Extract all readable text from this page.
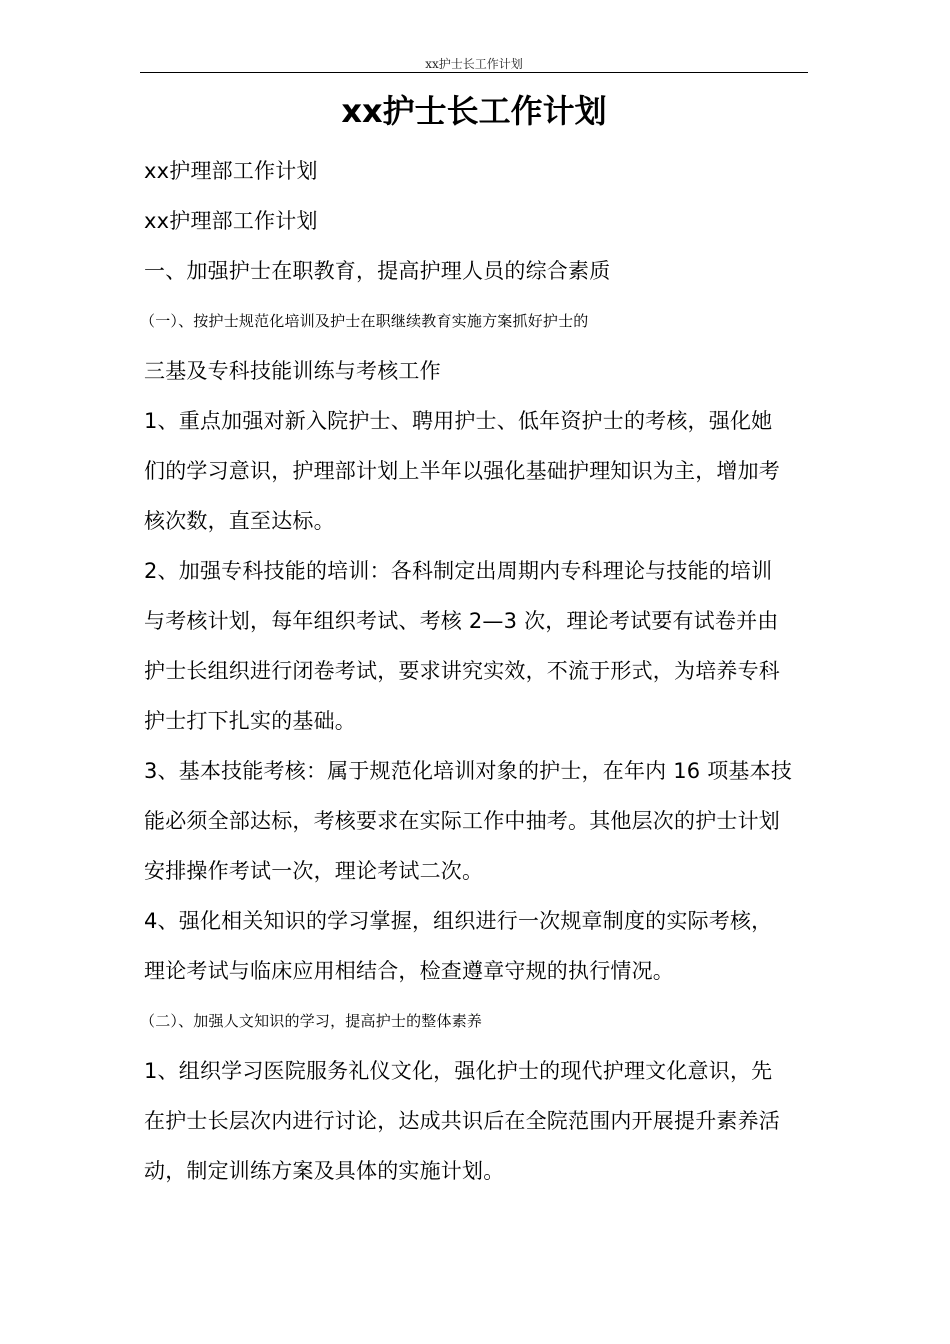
xx护士长工作计划
xx护士长工作计划
xx护理部工作计划
xx护理部工作计划
一、加强护士在职教育，提高护理人员的综合素质
（一）、按护士规范化培训及护士在职继续教育实施方案抓好护士的
三基及专科技能训练与考核工作
1、重点加强对新入院护士、聘用护士、低年资护士的考核，强化她
们的学习意识，护理部计划上半年以强化基础护理知识为主，增加考
核次数，直至达标。
2、加强专科技能的培训：各科制定出周期内专科理论与技能的培训
与考核计划，每年组织考试、考核 2—3 次，理论考试要有试卷并由
护士长组织进行闭卷考试，要求讲究实效，不流于形式，为培养专科
护士打下扎实的基础。
3、基本技能考核：属于规范化培训对象的护士，在年内 16 项基本技
能必须全部达标，考核要求在实际工作中抽考。其他层次的护士计划
安排操作考试一次，理论考试二次。
4、强化相关知识的学习掌握，组织进行一次规章制度的实际考核，
理论考试与临床应用相结合，检查遵章守规的执行情况。
（二）、加强人文知识的学习，提高护士的整体素养
1、组织学习医院服务礼仪文化，强化护士的现代护理文化意识，先
在护士长层次内进行讨论，达成共识后在全院范围内开展提升素养活
动，制定训练方案及具体的实施计划。
